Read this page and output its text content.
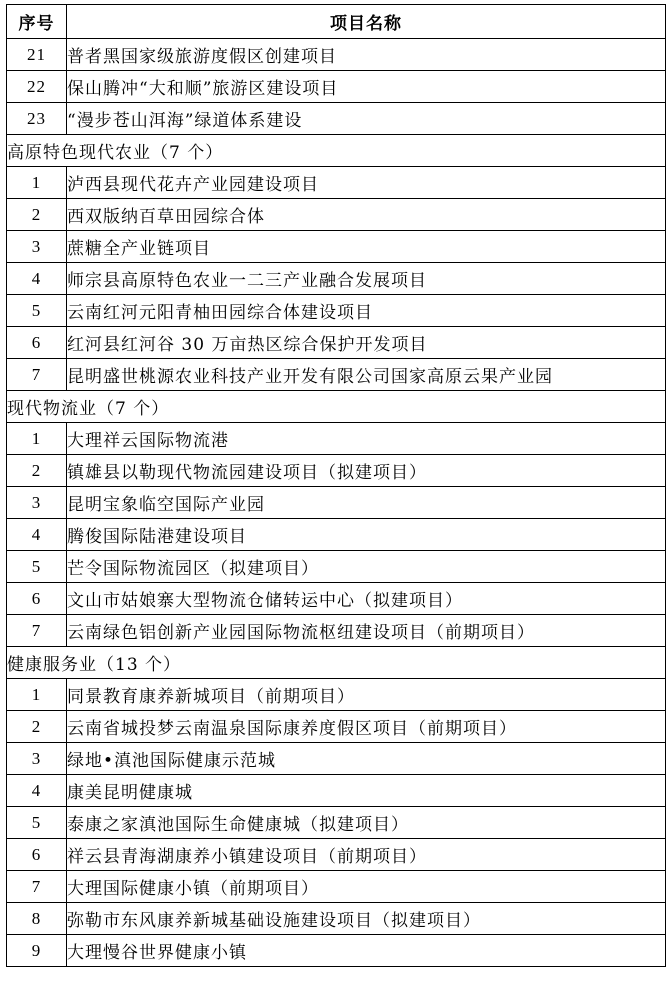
序号	项目名称
21	普者黑国家级旅游度假区创建项目
22	保山腾冲“大和顺”旅游区建设项目
23	“漫步苍山洱海”绿道体系建设
高原特色现代农业（7 个）	
1	泸西县现代花卉产业园建设项目
2	西双版纳百草田园综合体
3	蔗糖全产业链项目
4	师宗县高原特色农业一二三产业融合发展项目
5	云南红河元阳青柚田园综合体建设项目
6	红河县红河谷 30 万亩热区综合保护开发项目
7	昆明盛世桃源农业科技产业开发有限公司国家高原云果产业园
现代物流业（7 个）	
1	大理祥云国际物流港
2	镇雄县以勒现代物流园建设项目（拟建项目）
3	昆明宝象临空国际产业园
4	腾俊国际陆港建设项目
5	芒令国际物流园区（拟建项目）
6	文山市姑娘寨大型物流仓储转运中心（拟建项目）
7	云南绿色铝创新产业园国际物流枢纽建设项目（前期项目）
健康服务业（13 个）	
1	同景教育康养新城项目（前期项目）
2	云南省城投梦云南温泉国际康养度假区项目（前期项目）
3	绿地•滇池国际健康示范城
4	康美昆明健康城
5	泰康之家滇池国际生命健康城（拟建项目）
6	祥云县青海湖康养小镇建设项目（前期项目）
7	大理国际健康小镇（前期项目）
8	弥勒市东风康养新城基础设施建设项目（拟建项目）
9	大理慢谷世界健康小镇
